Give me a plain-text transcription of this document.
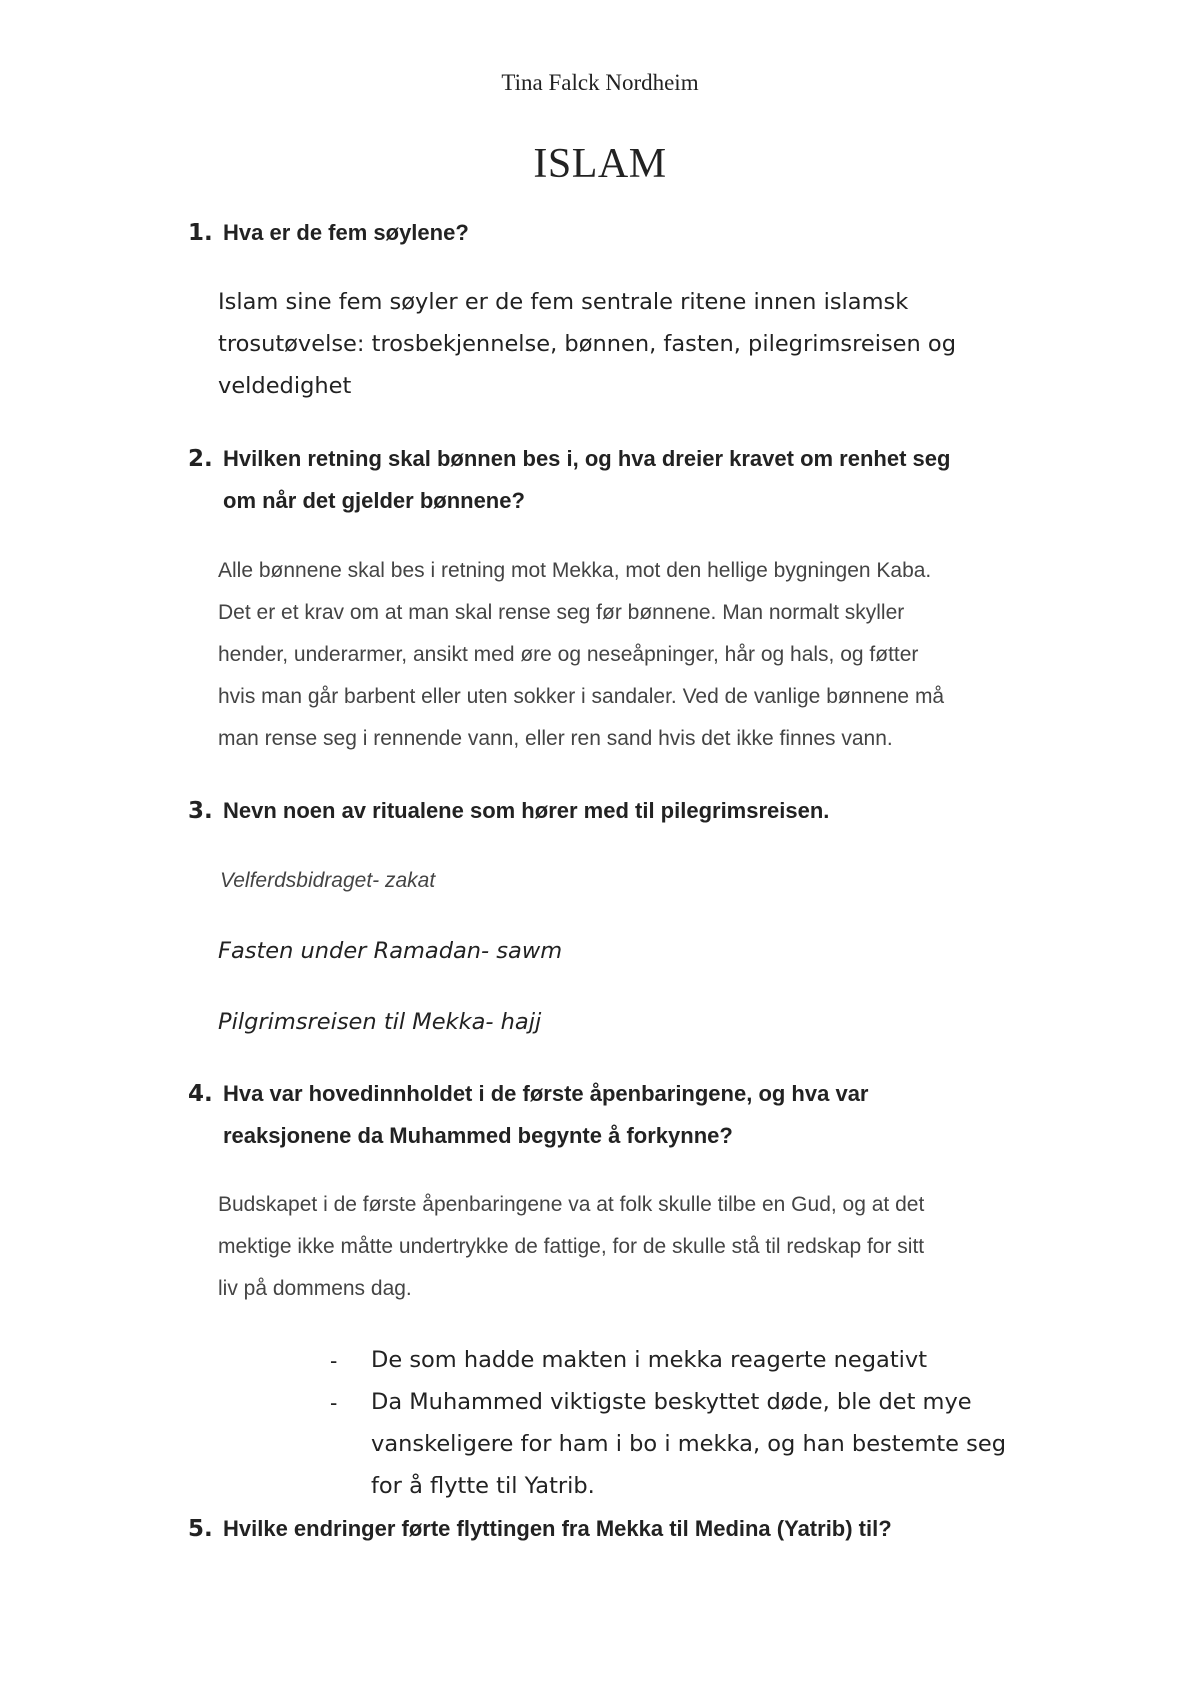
Tina Falck Nordheim
ISLAM
1. Hva er de fem søylene?
Islam sine fem søyler er de fem sentrale ritene innen islamsk
trosutøvelse: trosbekjennelse, bønnen, fasten, pilegrimsreisen og
veldedighet
2. Hvilken retning skal bønnen bes i, og hva dreier kravet om renhet seg
om når det gjelder bønnene?
Alle bønnene skal bes i retning mot Mekka, mot den hellige bygningen Kaba.
Det er et krav om at man skal rense seg før bønnene. Man normalt skyller
hender, underarmer, ansikt med øre og neseåpninger, hår og hals, og føtter
hvis man går barbent eller uten sokker i sandaler. Ved de vanlige bønnene må
man rense seg i rennende vann, eller ren sand hvis det ikke finnes vann.
3. Nevn noen av ritualene som hører med til pilegrimsreisen.
Velferdsbidraget- zakat
Fasten under Ramadan- sawm
Pilgrimsreisen til Mekka- hajj
4. Hva var hovedinnholdet i de første åpenbaringene, og hva var
reaksjonene da Muhammed begynte å forkynne?
Budskapet i de første åpenbaringene va at folk skulle tilbe en Gud, og at det
mektige ikke måtte undertrykke de fattige, for de skulle stå til redskap for sitt
liv på dommens dag.
- De som hadde makten i mekka reagerte negativt
- Da Muhammed viktigste beskyttet døde, ble det mye
vanskeligere for ham i bo i mekka, og han bestemte seg
for å flytte til Yatrib.
5. Hvilke endringer førte flyttingen fra Mekka til Medina (Yatrib) til?
